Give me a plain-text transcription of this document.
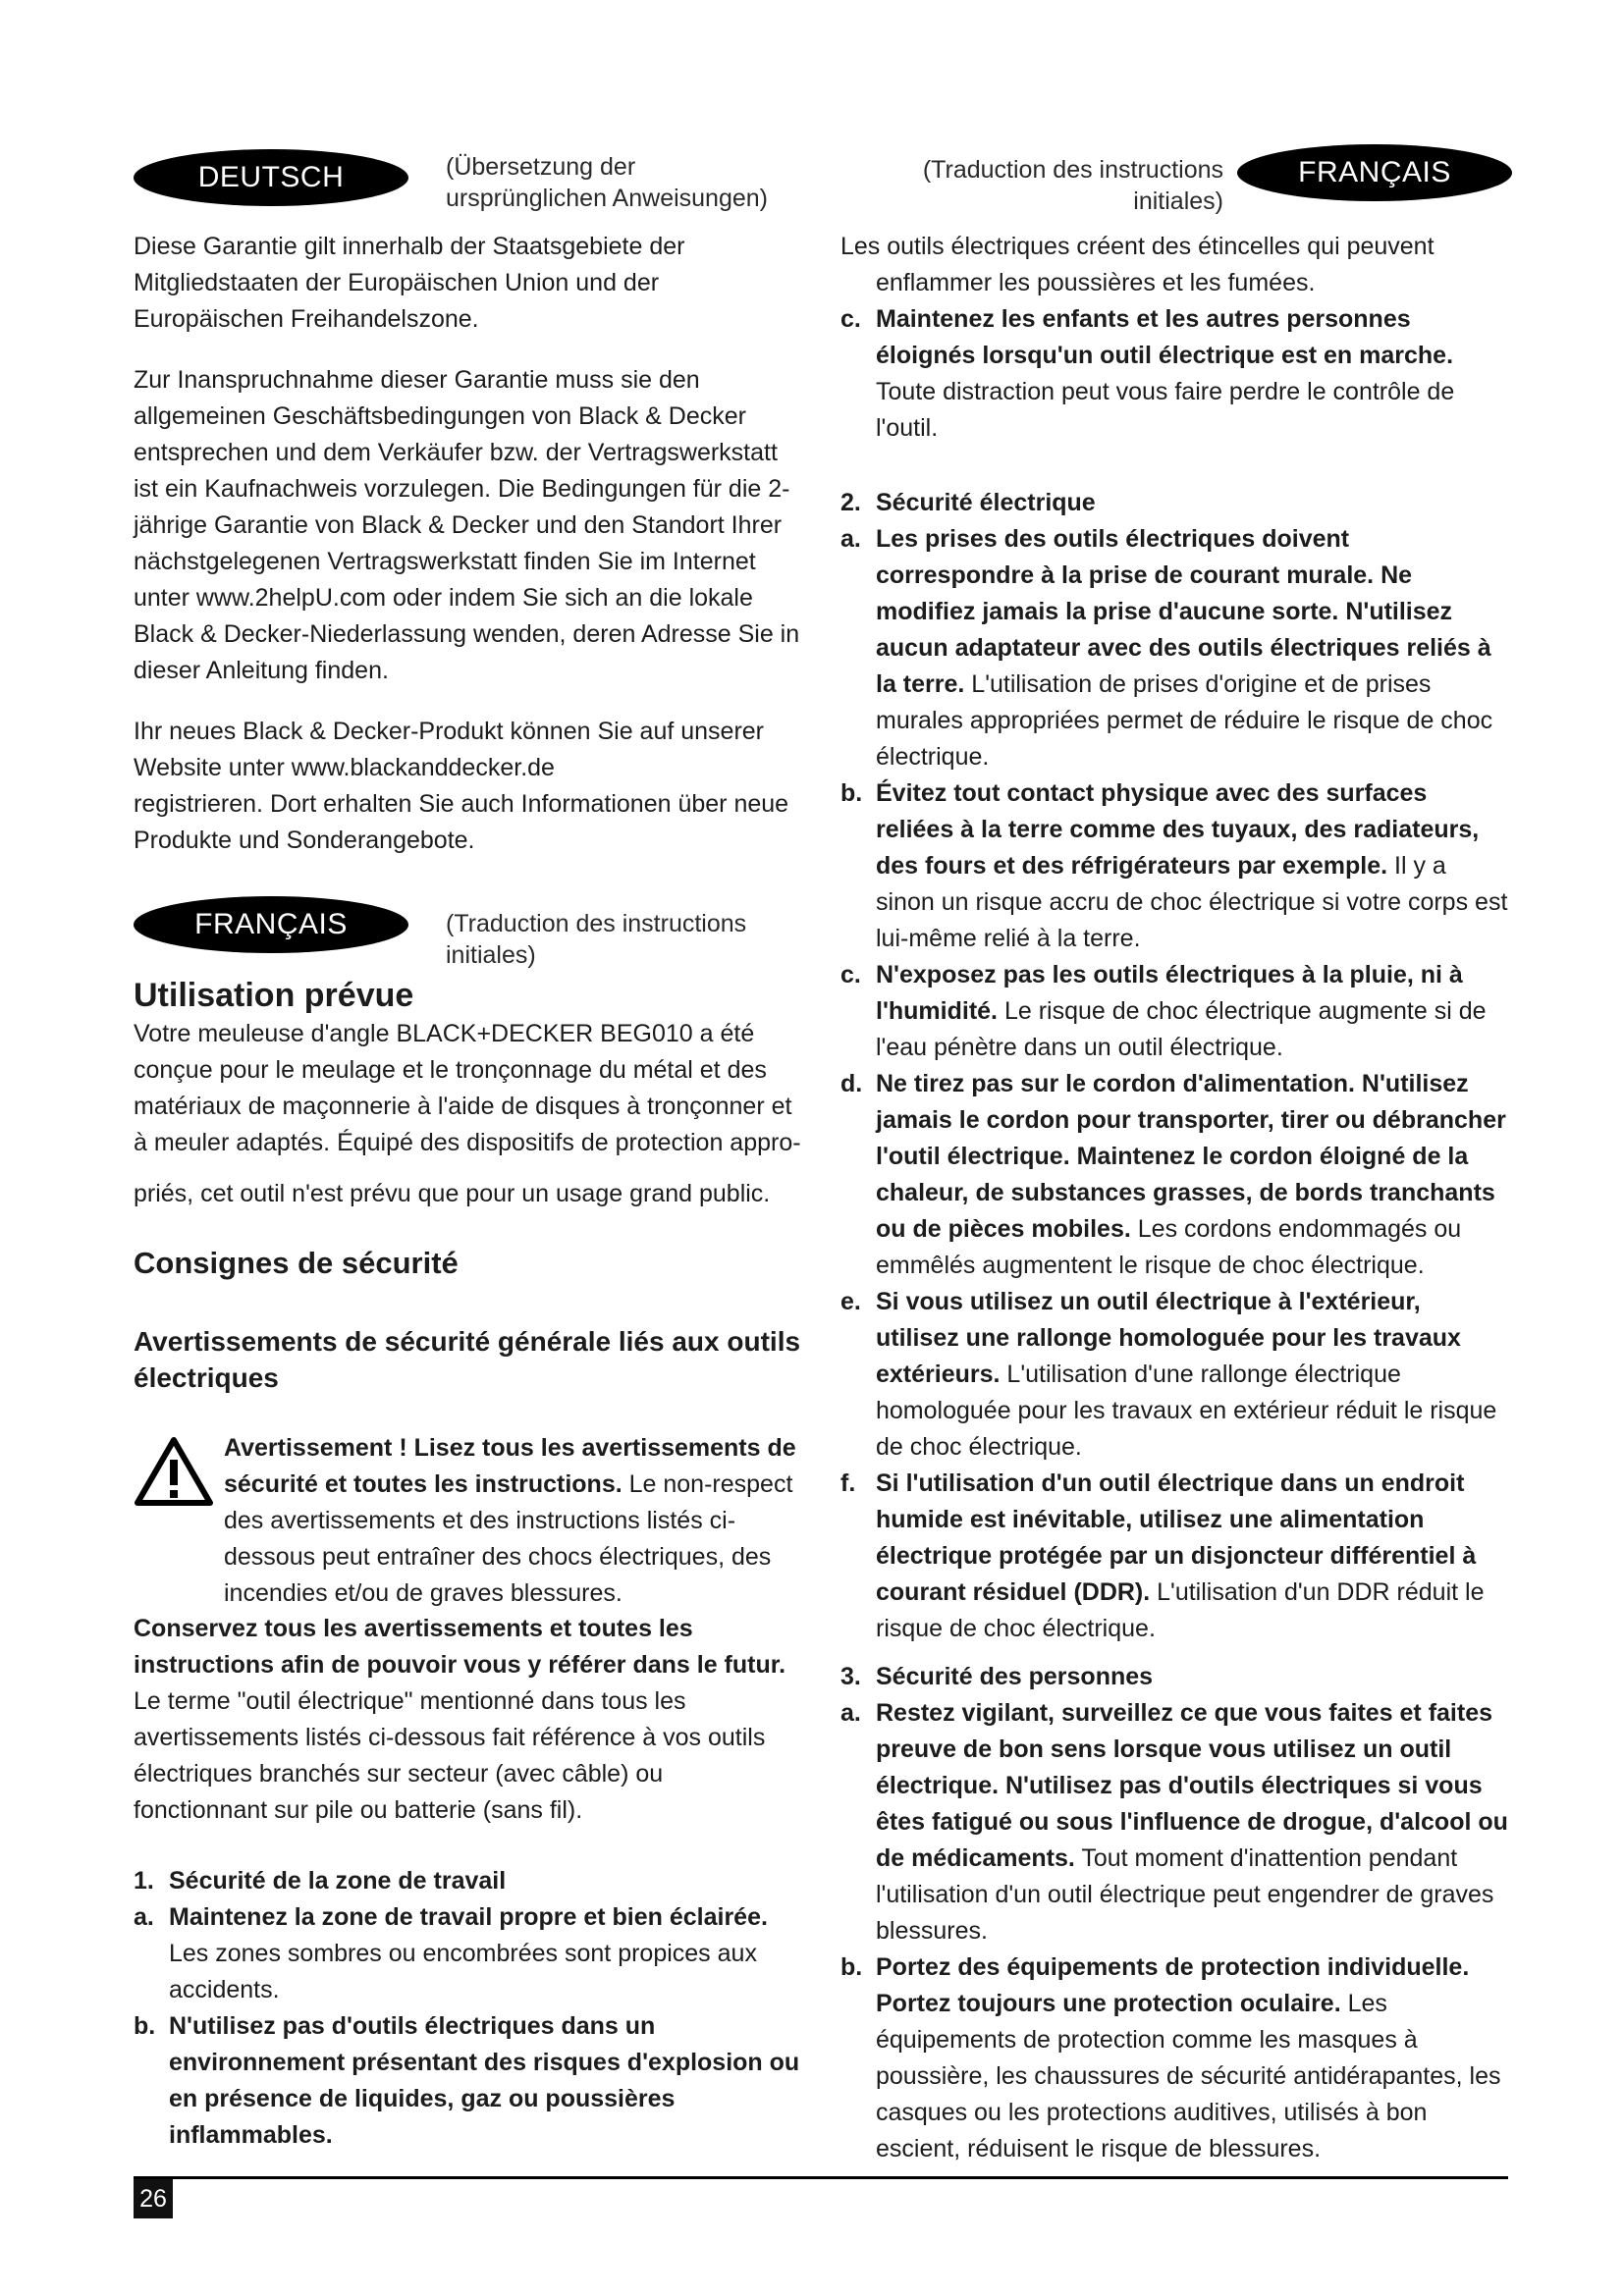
DEUTSCH	(Übersetzung der ursprünglichen Anweisungen)

Diese Garantie gilt innerhalb der Staatsgebiete der Mitgliedstaaten der Europäischen Union und der Europäischen Freihandelszone.

Zur Inanspruchnahme dieser Garantie muss sie den allgemeinen Geschäftsbedingungen von Black & Decker entsprechen und dem Verkäufer bzw. der Vertragswerkstatt ist ein Kaufnachweis vorzulegen. Die Bedingungen für die 2-jährige Garantie von Black & Decker und den Standort Ihrer nächstgelegenen Vertragswerkstatt finden Sie im Internet unter www.2helpU.com oder indem Sie sich an die lokale Black & Decker-Niederlassung wenden, deren Adresse Sie in dieser Anleitung finden.

Ihr neues Black & Decker-Produkt können Sie auf unserer Website unter www.blackanddecker.de

registrieren. Dort erhalten Sie auch Informationen über neue Produkte und Sonderangebote.

FRANÇAIS	(Traduction des instructions initiales)

Utilisation prévue

Votre meuleuse d'angle BLACK+DECKER BEG010 a été conçue pour le meulage et le tronçonnage du métal et des matériaux de maçonnerie à l'aide de disques à tronçonner et à meuler adaptés. Équipé des dispositifs de protection appro-

priés, cet outil n'est prévu que pour un usage grand public.

Consignes de sécurité

Avertissements de sécurité générale liés aux outils électriques

Avertissement ! Lisez tous les avertissements de sécurité et toutes les instructions. Le non-respect des avertissements et des instructions listés ci-dessous peut entraîner des chocs électriques, des incendies et/ou de graves blessures.

Conservez tous les avertissements et toutes les instructions afin de pouvoir vous y référer dans le futur. Le terme "outil électrique" mentionné dans tous les avertissements listés ci-dessous fait référence à vos outils électriques branchés sur secteur (avec câble) ou fonctionnant sur pile ou batterie (sans fil).

1. Sécurité de la zone de travail
a. Maintenez la zone de travail propre et bien éclairée. Les zones sombres ou encombrées sont propices aux accidents.
b. N'utilisez pas d'outils électriques dans un environnement présentant des risques d'explosion ou en présence de liquides, gaz ou poussières inflammables.
(Traduction des instructions initiales)
FRANÇAIS

Les outils électriques créent des étincelles qui peuvent enflammer les poussières et les fumées.

c. Maintenez les enfants et les autres personnes éloignés lorsqu'un outil électrique est en marche. Toute distraction peut vous faire perdre le contrôle de l'outil.
2. Sécurité électrique
a. Les prises des outils électriques doivent correspondre à la prise de courant murale. Ne modifiez jamais la prise d'aucune sorte. N'utilisez aucun adaptateur avec des outils électriques reliés à la terre. L'utilisation de prises d'origine et de prises murales appropriées permet de réduire le risque de choc électrique.
b. Évitez tout contact physique avec des surfaces reliées à la terre comme des tuyaux, des radiateurs, des fours et des réfrigérateurs par exemple. Il y a sinon un risque accru de choc électrique si votre corps est lui-même relié à la terre.
c. N'exposez pas les outils électriques à la pluie, ni à l'humidité. Le risque de choc électrique augmente si de l'eau pénètre dans un outil électrique.
d. Ne tirez pas sur le cordon d'alimentation. N'utilisez jamais le cordon pour transporter, tirer ou débrancher l'outil électrique. Maintenez le cordon éloigné de la chaleur, de substances grasses, de bords tranchants ou de pièces mobiles. Les cordons endommagés ou emmêlés augmentent le risque de choc électrique.
e. Si vous utilisez un outil électrique à l'extérieur, utilisez une rallonge homologuée pour les travaux extérieurs. L'utilisation d'une rallonge électrique homologuée pour les travaux en extérieur réduit le risque de choc électrique.
f. Si l'utilisation d'un outil électrique dans un endroit humide est inévitable, utilisez une alimentation électrique protégée par un disjoncteur différentiel à courant résiduel (DDR). L'utilisation d'un DDR réduit le risque de choc électrique.
3. Sécurité des personnes
a. Restez vigilant, surveillez ce que vous faites et faites preuve de bon sens lorsque vous utilisez un outil électrique. N'utilisez pas d'outils électriques si vous êtes fatigué ou sous l'influence de drogue, d'alcool ou de médicaments. Tout moment d'inattention pendant l'utilisation d'un outil électrique peut engendrer de graves blessures.
b. Portez des équipements de protection individuelle. Portez toujours une protection oculaire. Les équipements de protection comme les masques à poussière, les chaussures de sécurité antidérapantes, les casques ou les protections auditives, utilisés à bon escient, réduisent le risque de blessures.
26
